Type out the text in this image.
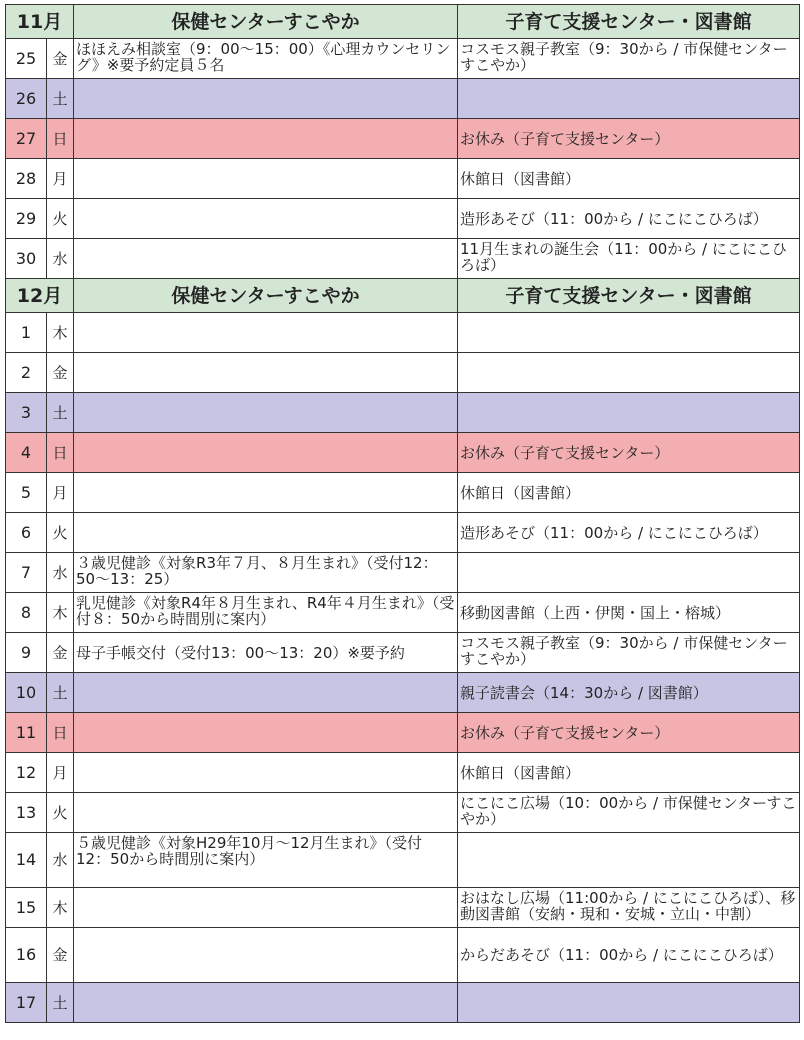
11月		保健センターすこやか	子育て支援センター・図書館
25	金	ほほえみ相談室（9：00～15：00）《心理カウンセリング》※要予約定員５名	コスモス親子教室（9：30から / 市保健センターすこやか）
26	土		
27	日		お休み（子育て支援センター）
28	月		休館日（図書館）
29	火		造形あそび（11：00から / にこにこひろば）
30	水		11月生まれの誕生会（11：00から / にこにこひろば）
12月		保健センターすこやか	子育て支援センター・図書館
1	木		
2	金		
3	土		
4	日		お休み（子育て支援センター）
5	月		休館日（図書館）
6	火		造形あそび（11：00から / にこにこひろば）
7	水	３歳児健診《対象R3年７月、８月生まれ》（受付12：50～13：25）	
8	木	乳児健診《対象R4年８月生まれ、R4年４月生まれ》（受付８：50から時間別に案内）	移動図書館（上西・伊関・国上・榕城）
9	金	母子手帳交付（受付13：00～13：20）※要予約	コスモス親子教室（9：30から / 市保健センターすこやか）
10	土		親子読書会（14：30から / 図書館）
11	日		お休み（子育て支援センター）
12	月		休館日（図書館）
13	火		にこにこ広場（10：00から / 市保健センターすこやか）
14	水	５歳児健診《対象H29年10月～12月生まれ》（受付12：50から時間別に案内）	
15	木		おはなし広場（11:00から / にこにこひろば）、移動図書館（安納・現和・安城・立山・中割）
16	金		からだあそび（11：00から / にこにこひろば）
17	土		
